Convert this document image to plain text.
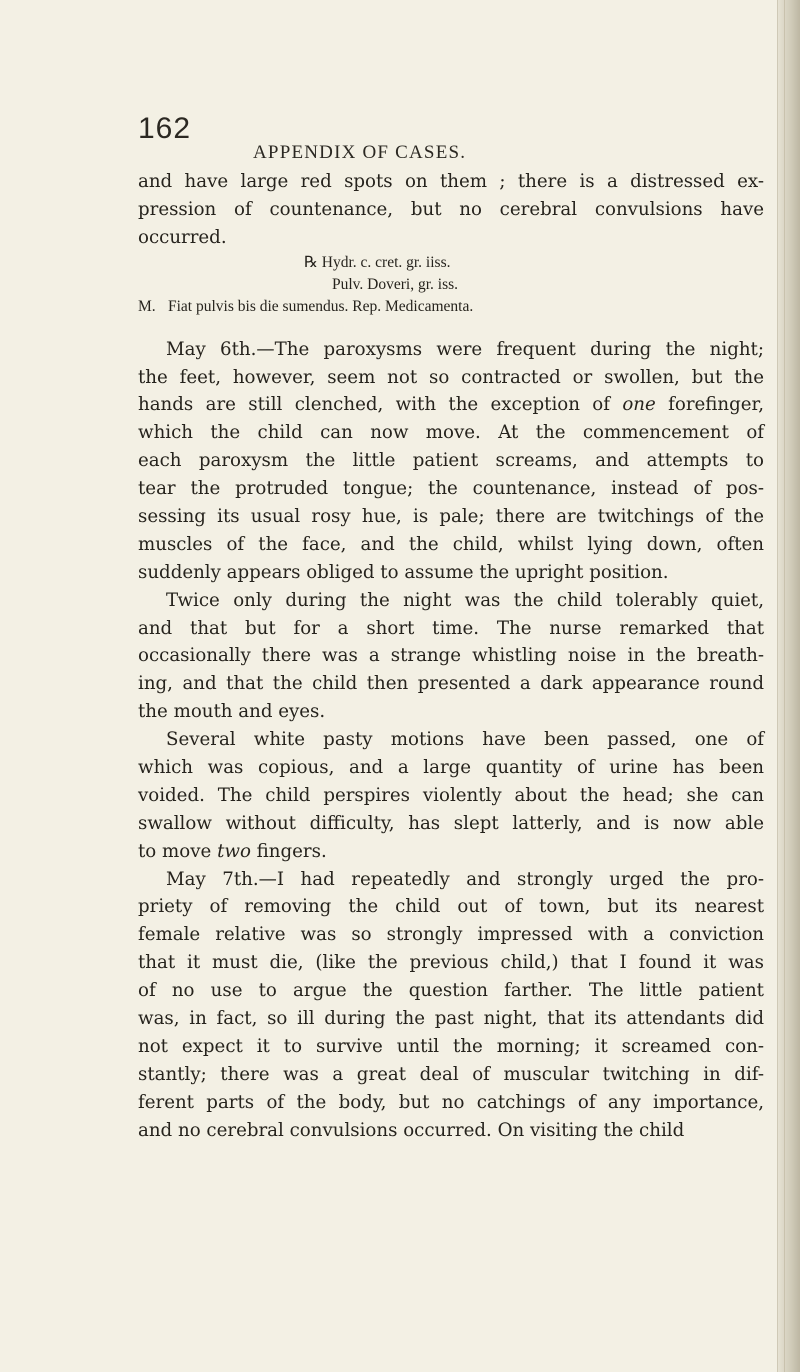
162
APPENDIX OF CASES.
and have large red spots on them ; there is a distressed ex-
pression of countenance, but no cerebral convulsions have
occurred.
℞ Hydr. c. cret. gr. iiss.
Pulv. Doveri, gr. iss.
M. Fiat pulvis bis die sumendus. Rep. Medicamenta.
May 6th.—The paroxysms were frequent during the night;
the feet, however, seem not so contracted or swollen, but the
hands are still clenched, with the exception of one forefinger,
which the child can now move. At the commencement of
each paroxysm the little patient screams, and attempts to
tear the protruded tongue; the countenance, instead of pos-
sessing its usual rosy hue, is pale; there are twitchings of the
muscles of the face, and the child, whilst lying down, often
suddenly appears obliged to assume the upright position.
Twice only during the night was the child tolerably quiet,
and that but for a short time. The nurse remarked that
occasionally there was a strange whistling noise in the breath-
ing, and that the child then presented a dark appearance round
the mouth and eyes.
Several white pasty motions have been passed, one of
which was copious, and a large quantity of urine has been
voided. The child perspires violently about the head; she can
swallow without difficulty, has slept latterly, and is now able
to move two fingers.
May 7th.—I had repeatedly and strongly urged the pro-
priety of removing the child out of town, but its nearest
female relative was so strongly impressed with a conviction
that it must die, (like the previous child,) that I found it was
of no use to argue the question farther. The little patient
was, in fact, so ill during the past night, that its attendants did
not expect it to survive until the morning; it screamed con-
stantly; there was a great deal of muscular twitching in dif-
ferent parts of the body, but no catchings of any importance,
and no cerebral convulsions occurred. On visiting the child
